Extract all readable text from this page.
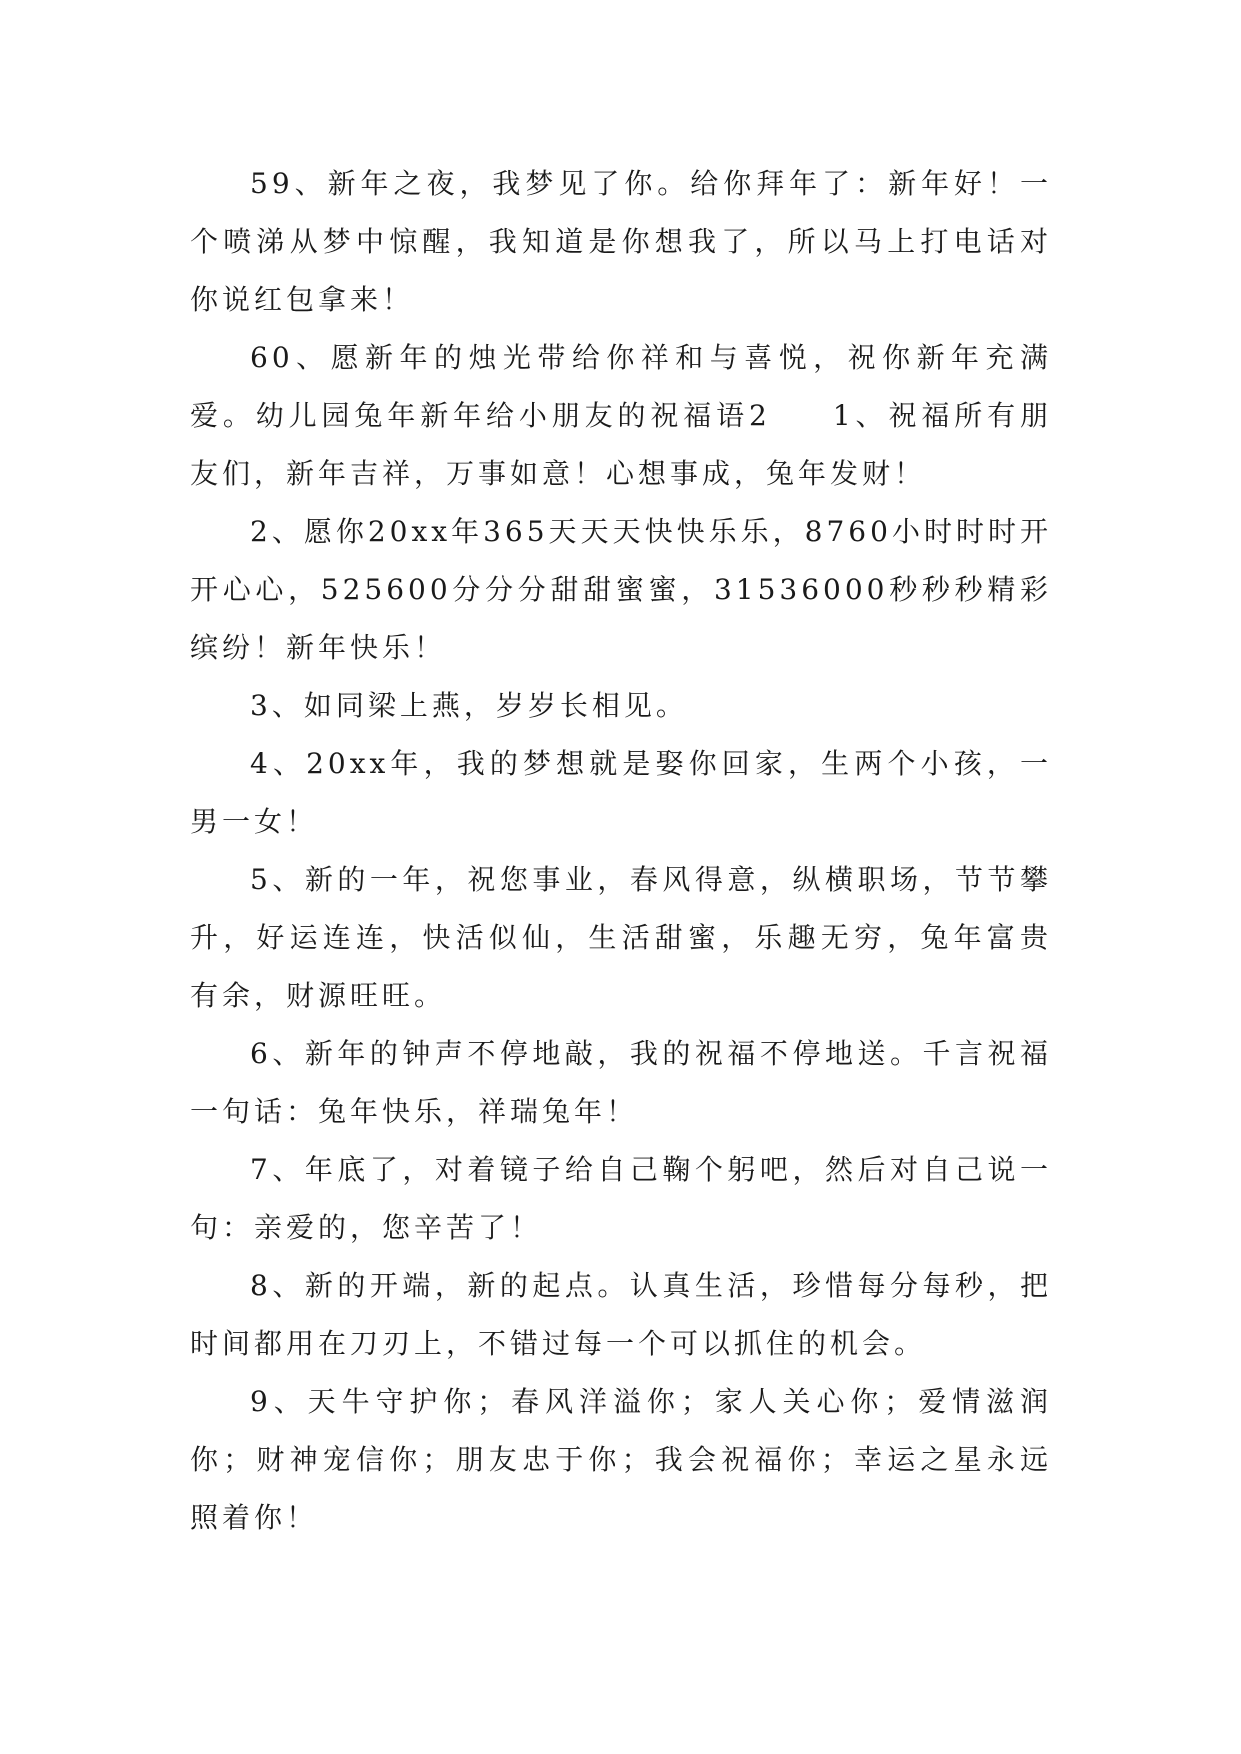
59、新年之夜，我梦见了你。给你拜年了：新年好！一个喷涕从梦中惊醒，我知道是你想我了，所以马上打电话对你说红包拿来！

60、愿新年的烛光带给你祥和与喜悦，祝你新年充满爱。幼儿园兔年新年给小朋友的祝福语2 1、祝福所有朋友们，新年吉祥，万事如意！心想事成，兔年发财！

2、愿你20xx年365天天天快快乐乐，8760小时时时开开心心，525600分分分甜甜蜜蜜，31536000秒秒秒精彩缤纷！新年快乐！

3、如同梁上燕，岁岁长相见。

4、20xx年，我的梦想就是娶你回家，生两个小孩，一男一女！

5、新的一年，祝您事业，春风得意，纵横职场，节节攀升，好运连连，快活似仙，生活甜蜜，乐趣无穷，兔年富贵有余，财源旺旺。

6、新年的钟声不停地敲，我的祝福不停地送。千言祝福一句话：兔年快乐，祥瑞兔年！

7、年底了，对着镜子给自己鞠个躬吧，然后对自己说一句：亲爱的，您辛苦了！

8、新的开端，新的起点。认真生活，珍惜每分每秒，把时间都用在刀刃上，不错过每一个可以抓住的机会。

9、天牛守护你；春风洋溢你；家人关心你；爱情滋润你；财神宠信你；朋友忠于你；我会祝福你；幸运之星永远照着你！
